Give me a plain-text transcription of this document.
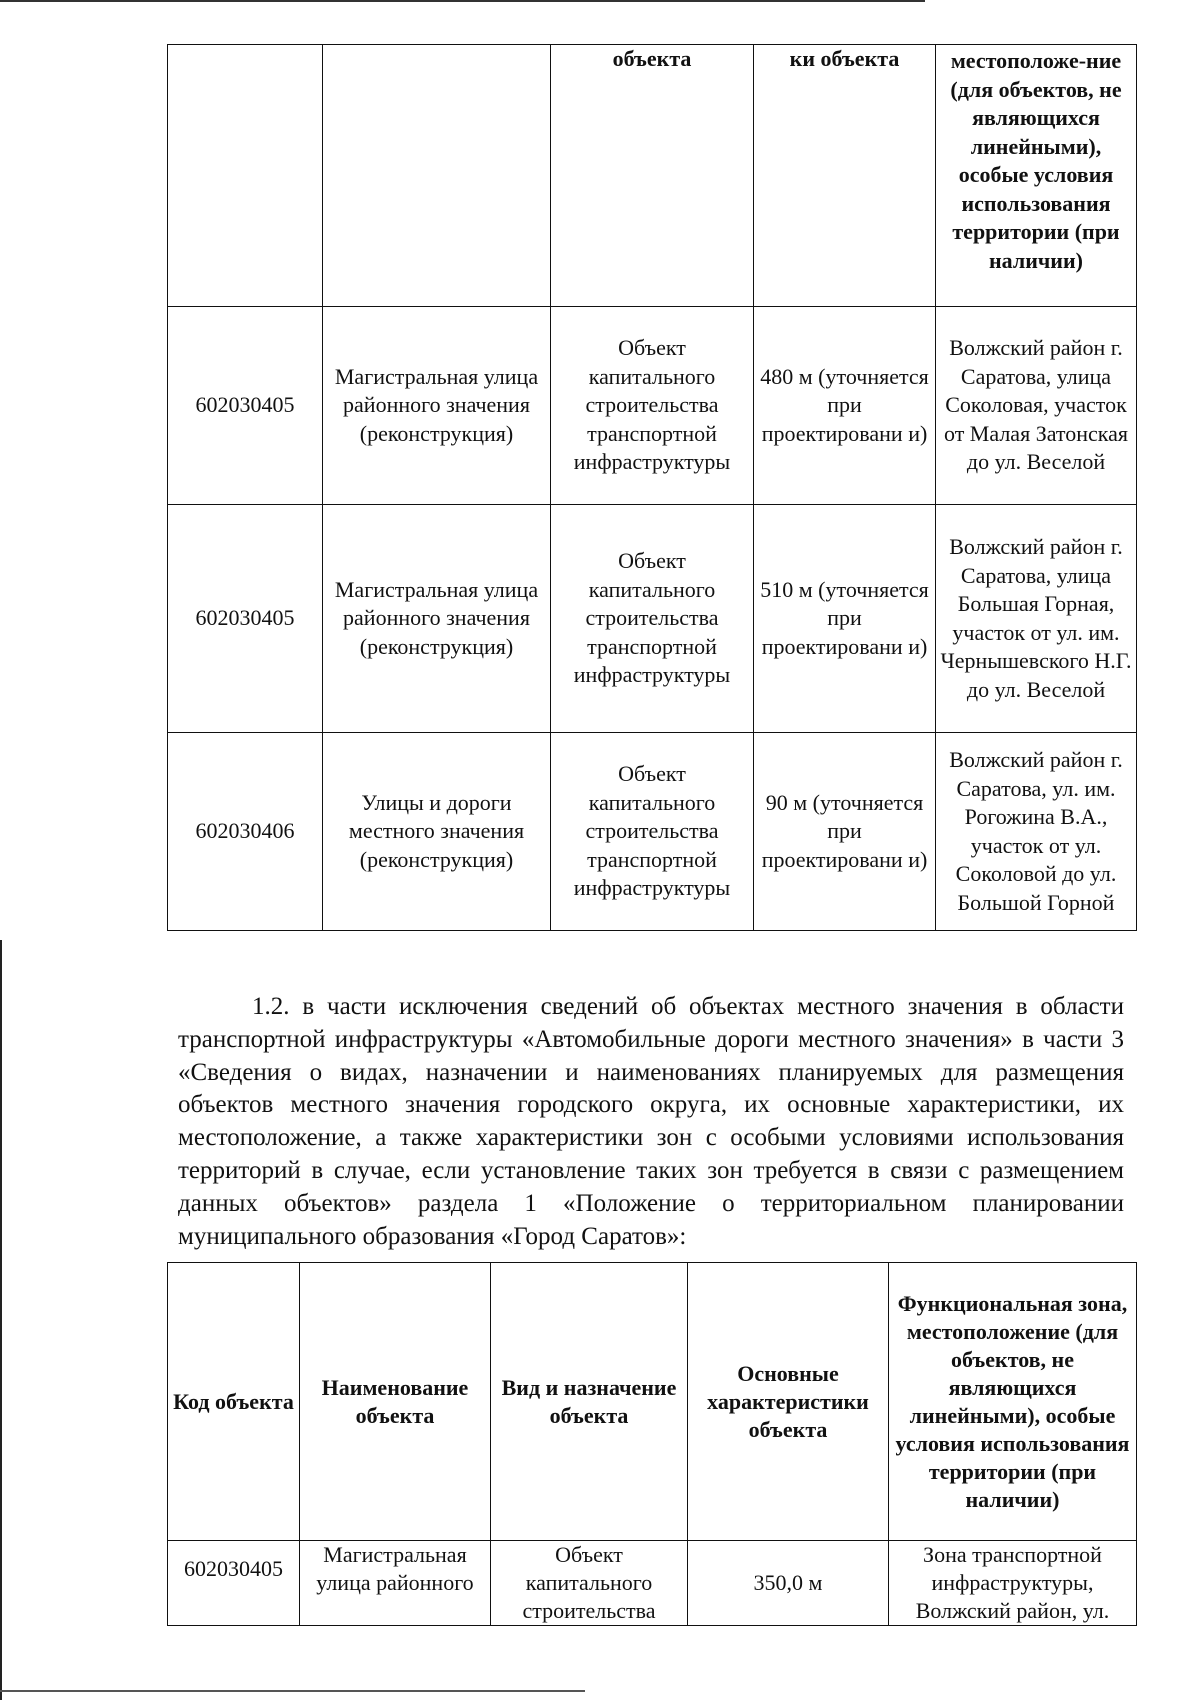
		объекта	ки объекта	местоположе-ние (для объектов, не являющихся линейными), особые условия использования территории (при наличии)
602030405	Магистральная улица районного значения (реконструкция)	Объект капитального строительства транспортной инфраструктуры	480 м (уточняется при проектировани и)	Волжский район г. Саратова, улица Соколовая, участок от Малая Затонская до ул. Веселой
602030405	Магистральная улица районного значения (реконструкция)	Объект капитального строительства транспортной инфраструктуры	510 м (уточняется при проектировани и)	Волжский район г. Саратова, улица Большая Горная, участок от ул. им. Чернышевского Н.Г. до ул. Веселой
602030406	Улицы и дороги местного значения (реконструкция)	Объект капитального строительства транспортной инфраструктуры	90 м (уточняется при проектировани и)	Волжский район г. Саратова, ул. им. Рогожина В.А., участок от ул. Соколовой до ул. Большой Горной

1.2. в части исключения сведений об объектах местного значения в области транспортной инфраструктуры «Автомобильные дороги местного значения» в части 3 «Сведения о видах, назначении и наименованиях планируемых для размещения объектов местного значения городского округа, их основные характеристики, их местоположение, а также характеристики зон с особыми условиями использования территорий в случае, если установление таких зон требуется в связи с размещением данных объектов» раздела 1 «Положение о территориальном планировании муниципального образования «Город Саратов»:

Код объекта	Наименование объекта	Вид и назначение объекта	Основные характеристики объекта	Функциональная зона, местоположение (для объектов, не являющихся линейными), особые условия использования территории (при наличии)
602030405	Магистральная улица районного	Объект капитального строительства	350,0 м	Зона транспортной инфраструктуры, Волжский район, ул.
